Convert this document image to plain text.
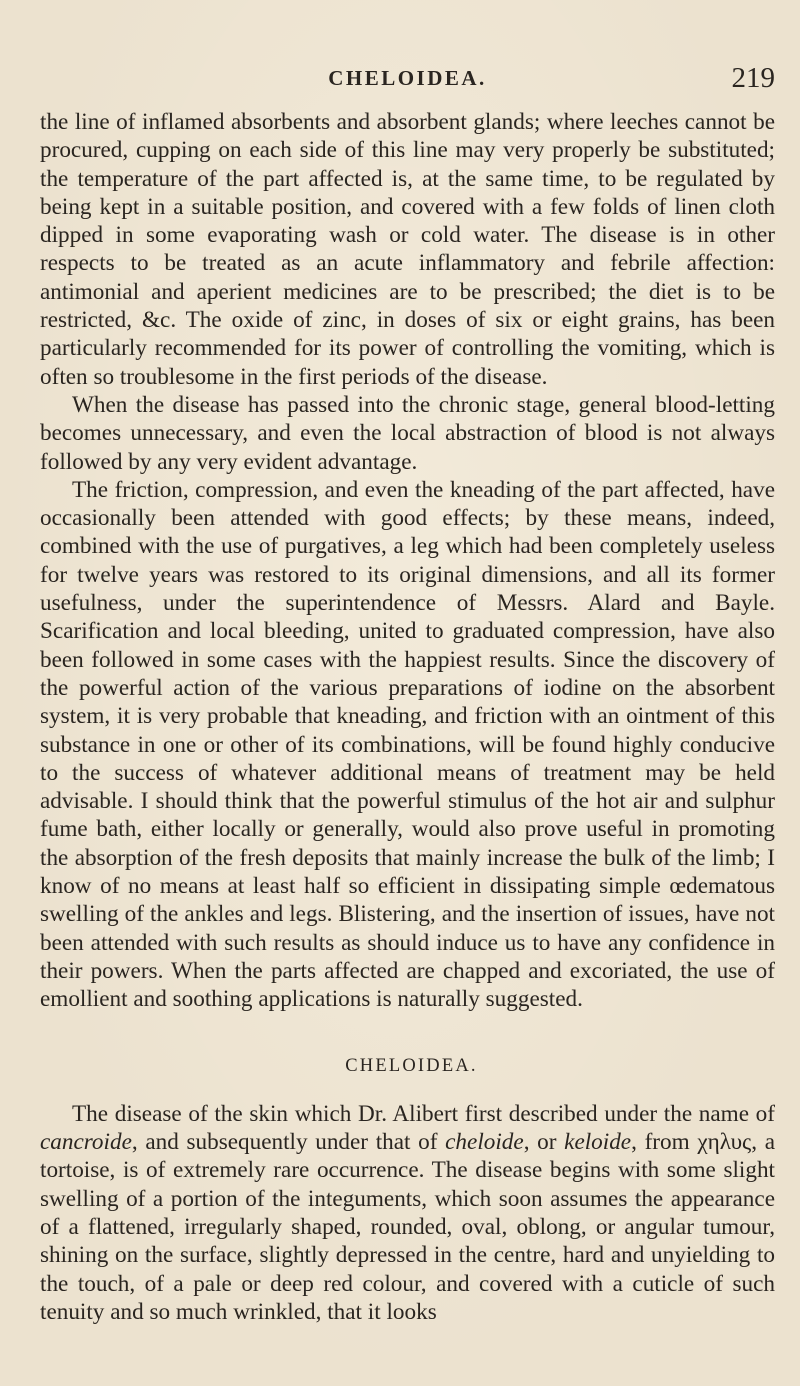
CHELOIDEA.	219

the line of inflamed absorbents and absorbent glands; where leeches cannot be procured, cupping on each side of this line may very properly be substituted; the temperature of the part affected is, at the same time, to be regulated by being kept in a suitable position, and covered with a few folds of linen cloth dipped in some evaporating wash or cold water. The disease is in other respects to be treated as an acute inflammatory and febrile affection: antimonial and aperient medicines are to be prescribed; the diet is to be restricted, &c. The oxide of zinc, in doses of six or eight grains, has been particularly recommended for its power of controlling the vomiting, which is often so troublesome in the first periods of the disease.

When the disease has passed into the chronic stage, general blood-letting becomes unnecessary, and even the local abstraction of blood is not always followed by any very evident advantage.

The friction, compression, and even the kneading of the part affected, have occasionally been attended with good effects; by these means, indeed, combined with the use of purgatives, a leg which had been completely useless for twelve years was restored to its original dimensions, and all its former usefulness, under the superintendence of Messrs. Alard and Bayle. Scarification and local bleeding, united to graduated compression, have also been followed in some cases with the happiest results. Since the discovery of the powerful action of the various preparations of iodine on the absorbent system, it is very probable that kneading, and friction with an ointment of this substance in one or other of its combinations, will be found highly conducive to the success of whatever additional means of treatment may be held advisable. I should think that the powerful stimulus of the hot air and sulphur fume bath, either locally or generally, would also prove useful in promoting the absorption of the fresh deposits that mainly increase the bulk of the limb; I know of no means at least half so efficient in dissipating simple œdematous swelling of the ankles and legs. Blistering, and the insertion of issues, have not been attended with such results as should induce us to have any confidence in their powers. When the parts affected are chapped and excoriated, the use of emollient and soothing applications is naturally suggested.

CHELOIDEA.

The disease of the skin which Dr. Alibert first described under the name of cancroide, and subsequently under that of cheloide, or keloide, from χηλυς, a tortoise, is of extremely rare occurrence. The disease begins with some slight swelling of a portion of the integuments, which soon assumes the appearance of a flattened, irregularly shaped, rounded, oval, oblong, or angular tumour, shining on the surface, slightly depressed in the centre, hard and unyielding to the touch, of a pale or deep red colour, and covered with a cuticle of such tenuity and so much wrinkled, that it looks
